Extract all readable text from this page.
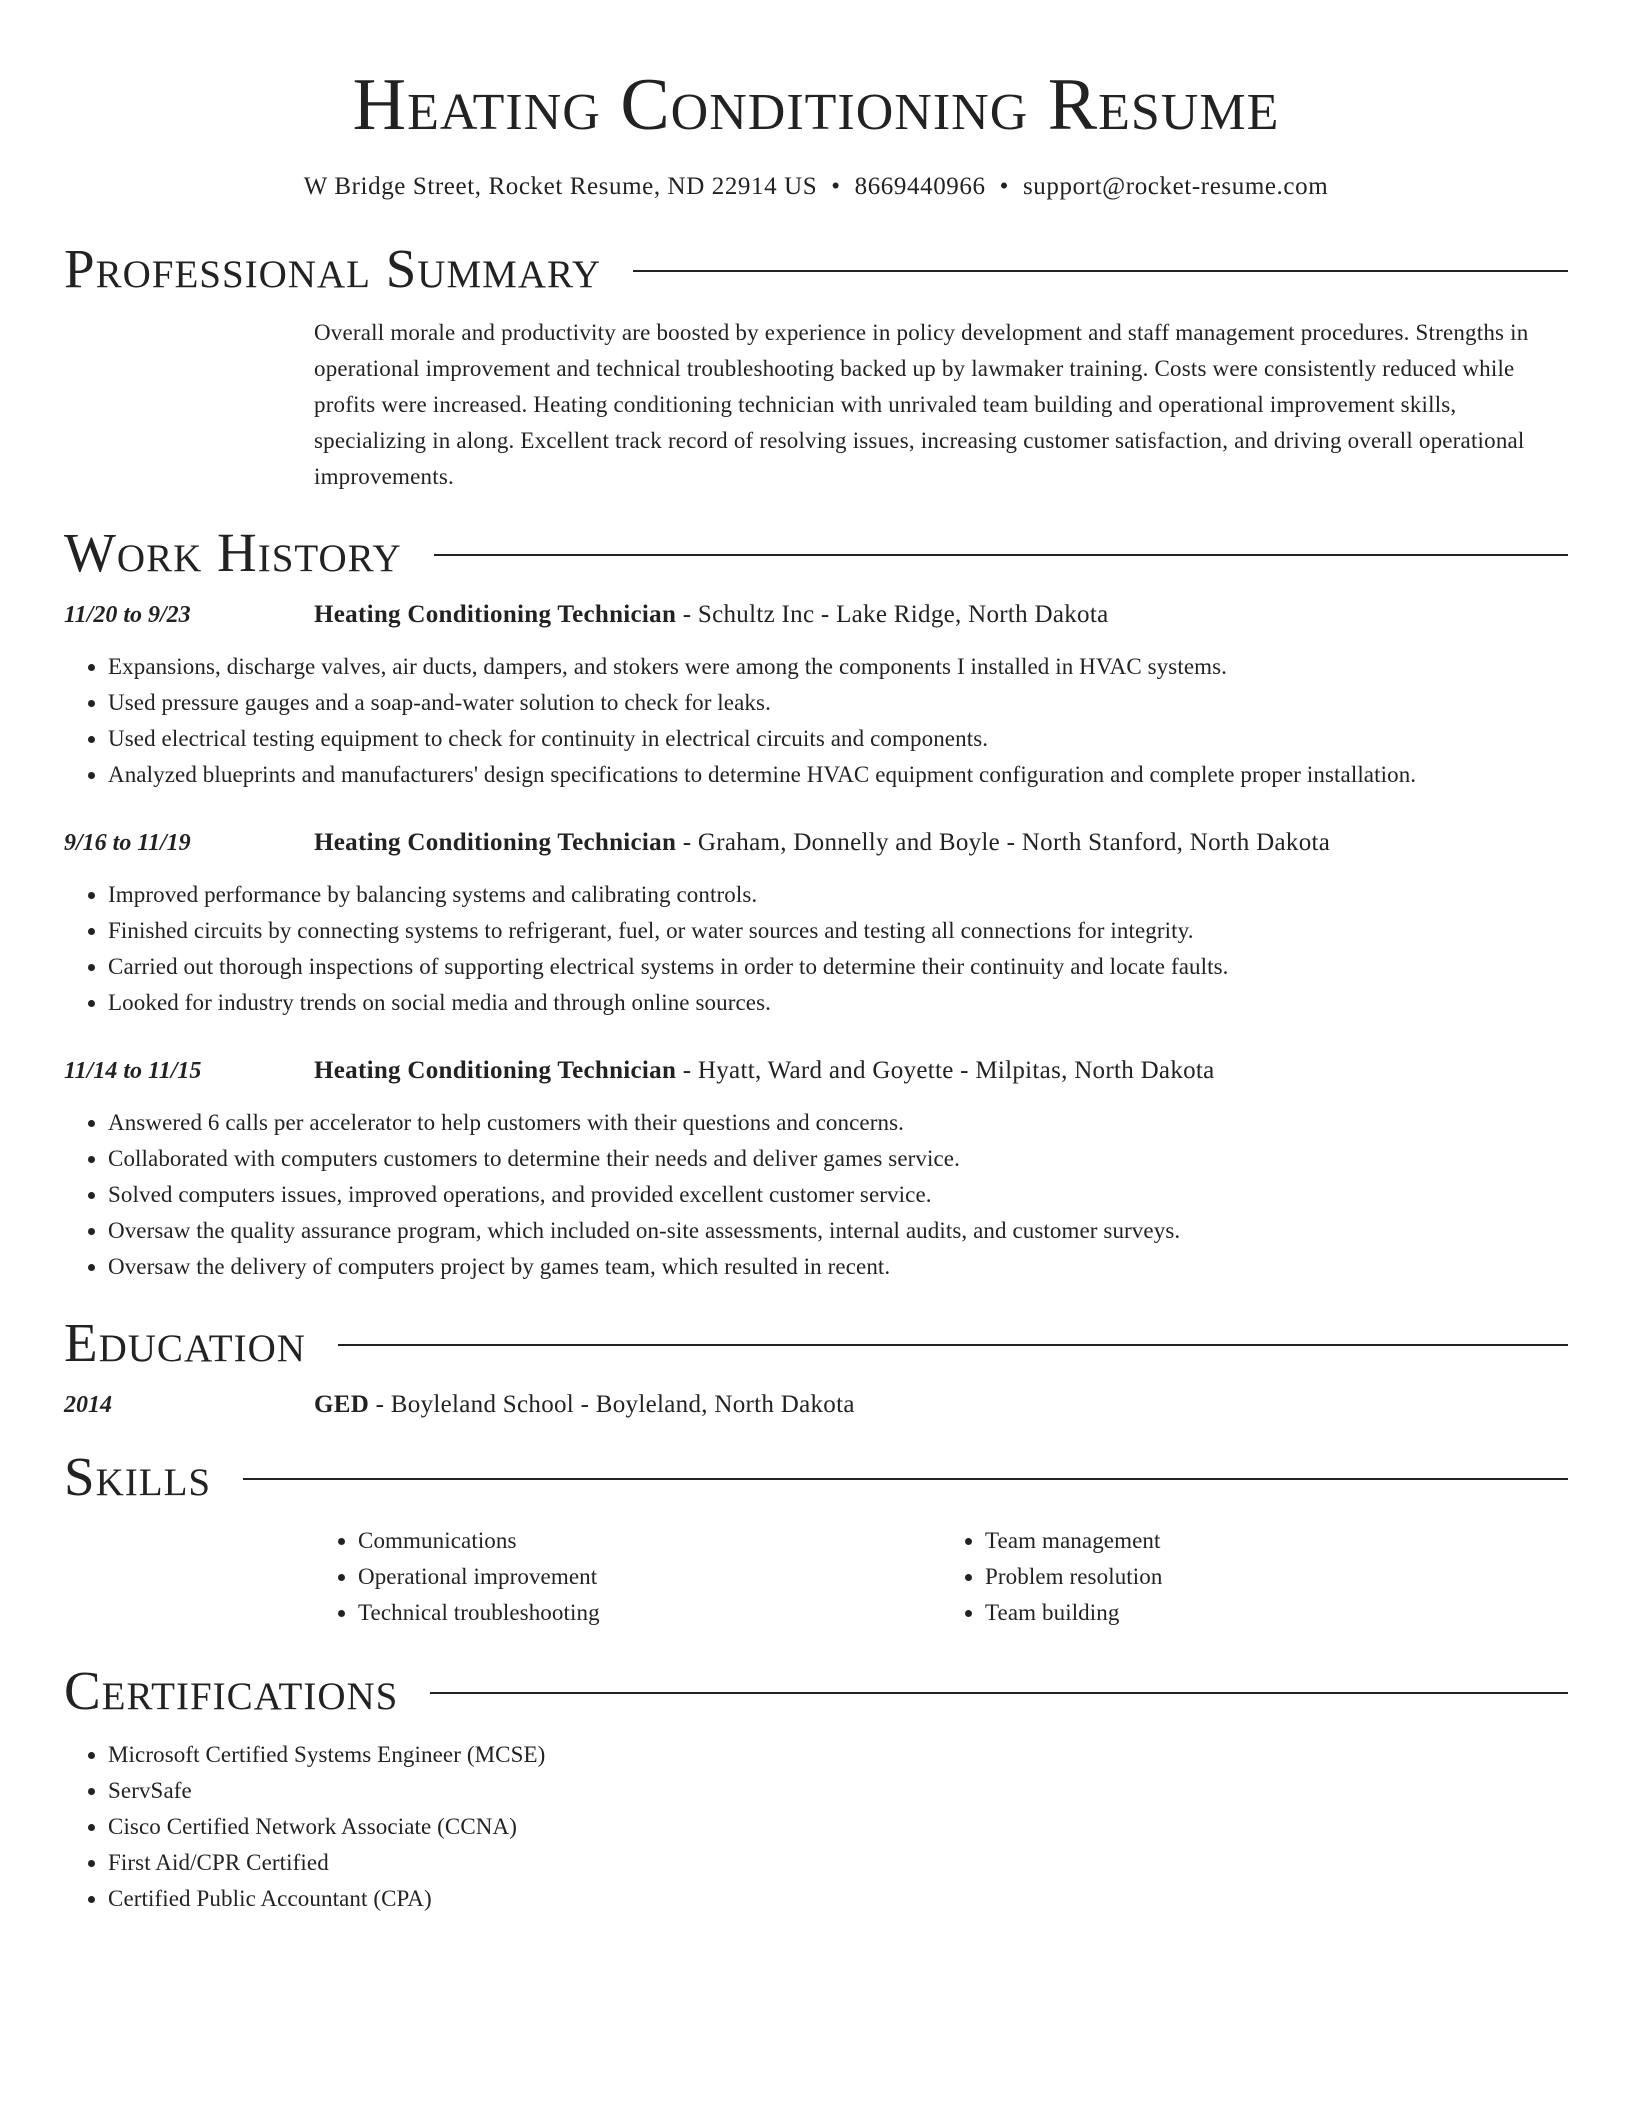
Heating Conditioning Resume
W Bridge Street, Rocket Resume, ND 22914 US • 8669440966 • support@rocket-resume.com
Professional Summary
Overall morale and productivity are boosted by experience in policy development and staff management procedures. Strengths in operational improvement and technical troubleshooting backed up by lawmaker training. Costs were consistently reduced while profits were increased. Heating conditioning technician with unrivaled team building and operational improvement skills, specializing in along. Excellent track record of resolving issues, increasing customer satisfaction, and driving overall operational improvements.
Work History
11/20 to 9/23	Heating Conditioning Technician - Schultz Inc - Lake Ridge, North Dakota
• Expansions, discharge valves, air ducts, dampers, and stokers were among the components I installed in HVAC systems.
• Used pressure gauges and a soap-and-water solution to check for leaks.
• Used electrical testing equipment to check for continuity in electrical circuits and components.
• Analyzed blueprints and manufacturers' design specifications to determine HVAC equipment configuration and complete proper installation.
9/16 to 11/19	Heating Conditioning Technician - Graham, Donnelly and Boyle - North Stanford, North Dakota
• Improved performance by balancing systems and calibrating controls.
• Finished circuits by connecting systems to refrigerant, fuel, or water sources and testing all connections for integrity.
• Carried out thorough inspections of supporting electrical systems in order to determine their continuity and locate faults.
• Looked for industry trends on social media and through online sources.
11/14 to 11/15	Heating Conditioning Technician - Hyatt, Ward and Goyette - Milpitas, North Dakota
• Answered 6 calls per accelerator to help customers with their questions and concerns.
• Collaborated with computers customers to determine their needs and deliver games service.
• Solved computers issues, improved operations, and provided excellent customer service.
• Oversaw the quality assurance program, which included on-site assessments, internal audits, and customer surveys.
• Oversaw the delivery of computers project by games team, which resulted in recent.
Education
2014	GED - Boyleland School - Boyleland, North Dakota
Skills
• Communications
• Operational improvement
• Technical troubleshooting
• Team management
• Problem resolution
• Team building
Certifications
• Microsoft Certified Systems Engineer (MCSE)
• ServSafe
• Cisco Certified Network Associate (CCNA)
• First Aid/CPR Certified
• Certified Public Accountant (CPA)
